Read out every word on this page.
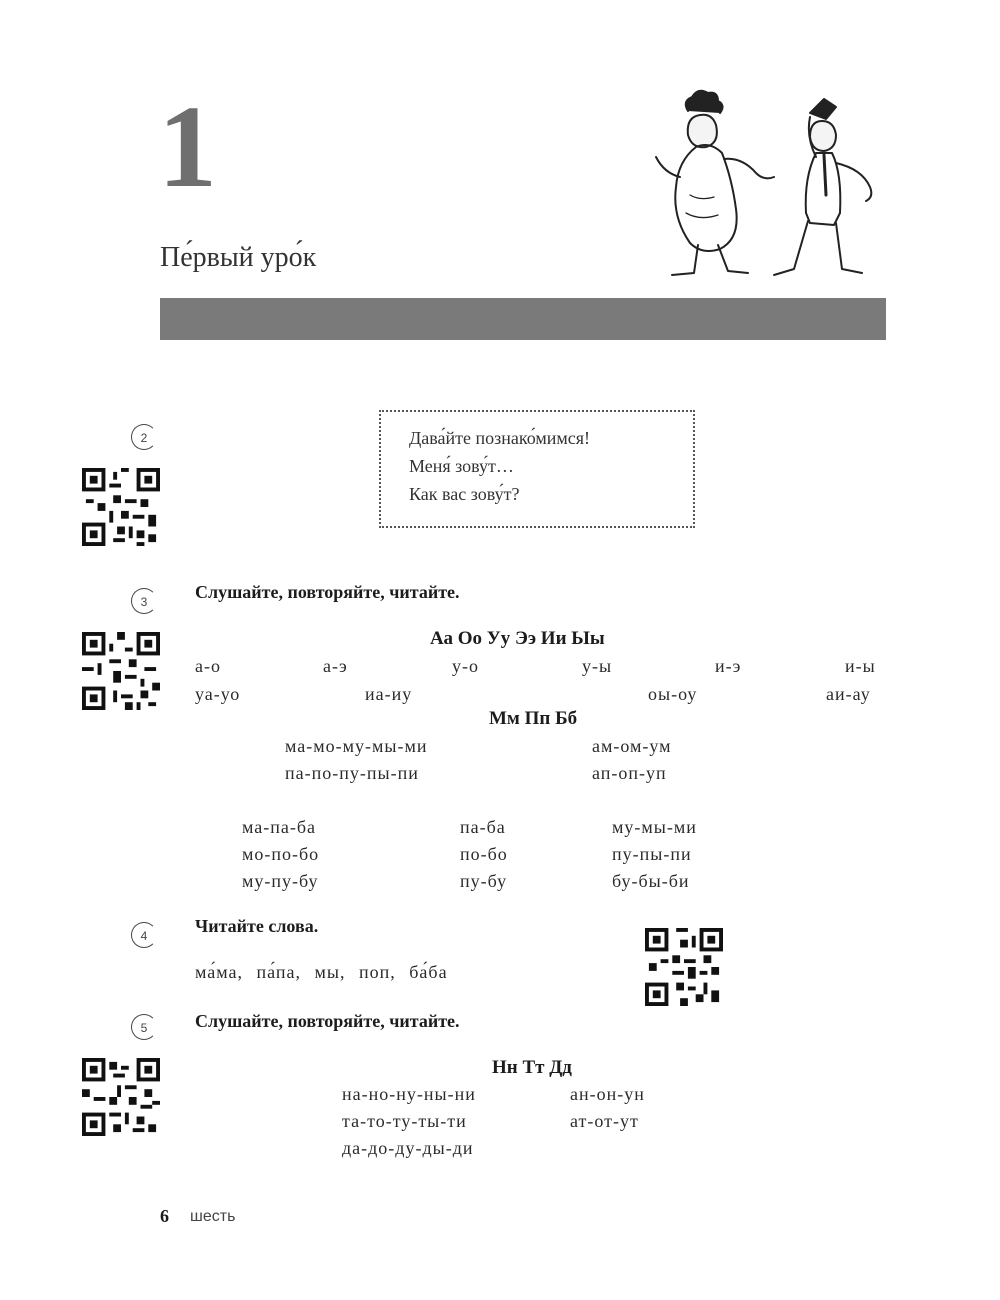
1
Пе́рвый уро́к
2	Дава́йте познако́мимся!
Меня́ зову́т…
Как вас зову́т?
3	Слушайте, повторяйте, читайте.
Аа Оо Уу Ээ Ии Ыы
а-о	а-э	у-о	у-ы	и-э	и-ы
уа-уо	иа-иу	оы-оу	аи-ау
Мм Пп Бб
ма-мо-му-мы-ми	ам-ом-ум
па-по-пу-пы-пи	ап-оп-уп
ма-па-ба	па-ба	му-мы-ми
мо-по-бо	по-бо	пу-пы-пи
му-пу-бу	пу-бу	бу-бы-би
4	Читайте слова.
ма́ма, па́па, мы, поп, ба́ба
5	Слушайте, повторяйте, читайте.
Нн Тт Дд
на-но-ну-ны-ни	ан-он-ун
та-то-ту-ты-ти	ат-от-ут
да-до-ду-ды-ди
6 шесть
